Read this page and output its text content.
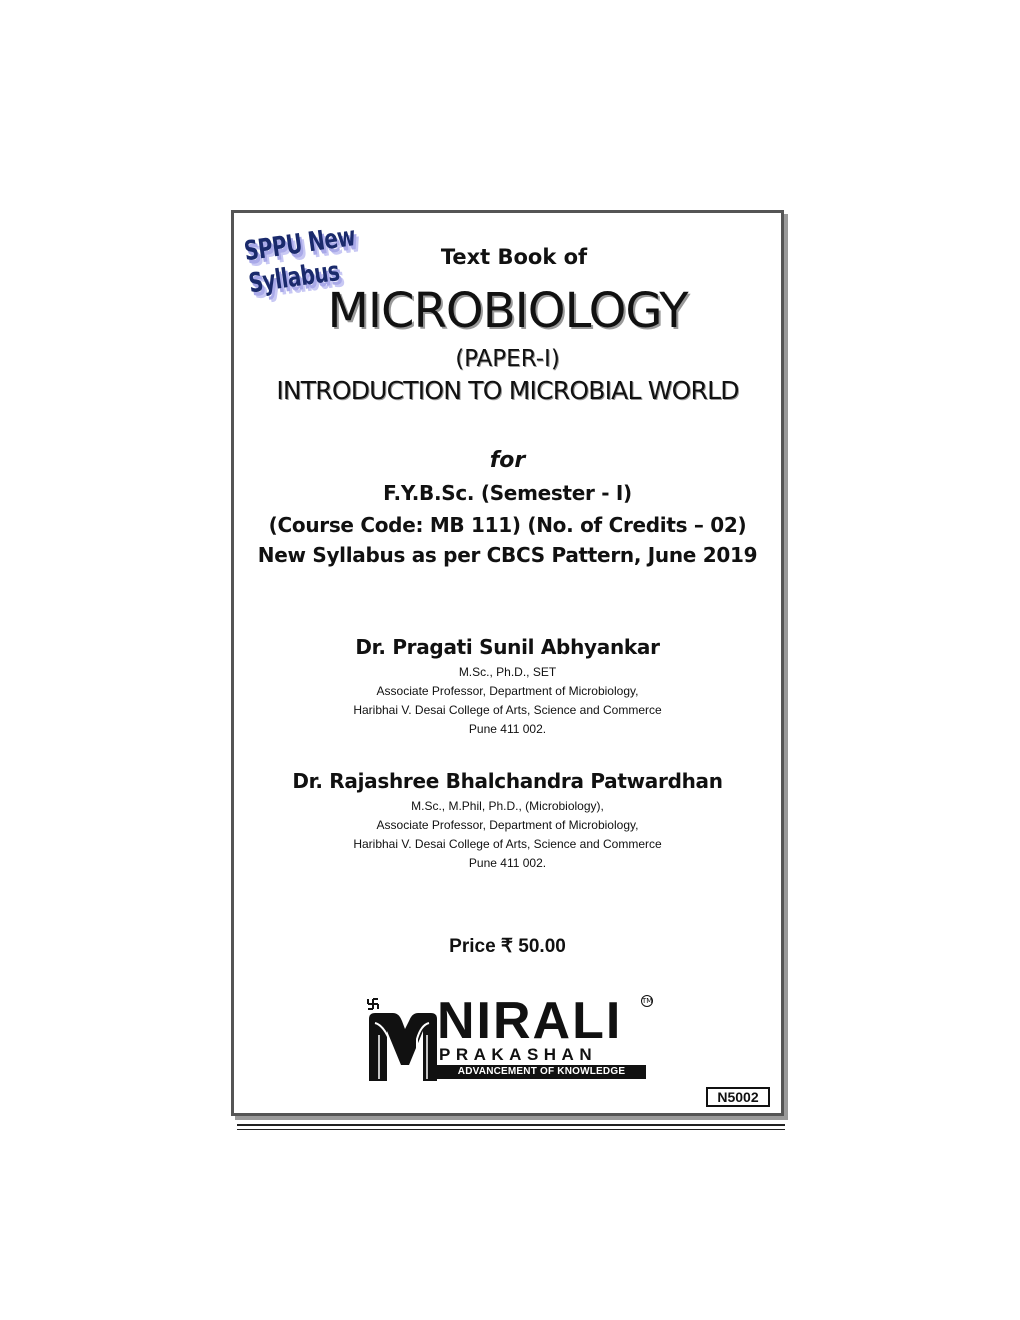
SPPU New Syllabus	Text Book of
MICROBIOLOGY
(PAPER-I)
INTRODUCTION TO MICROBIAL WORLD
for
F.Y.B.Sc. (Semester - I)
(Course Code: MB 111) (No. of Credits – 02)
New Syllabus as per CBCS Pattern, June 2019
Dr. Pragati Sunil Abhyankar
M.Sc., Ph.D., SET
Associate Professor, Department of Microbiology,
Haribhai V. Desai College of Arts, Science and Commerce
Pune 411 002.
Dr. Rajashree Bhalchandra Patwardhan
M.Sc., M.Phil, Ph.D., (Microbiology),
Associate Professor, Department of Microbiology,
Haribhai V. Desai College of Arts, Science and Commerce
Pune 411 002.
Price ₹ 50.00
NIRALI	TM
PRAKASHAN
ADVANCEMENT OF KNOWLEDGE
N5002
